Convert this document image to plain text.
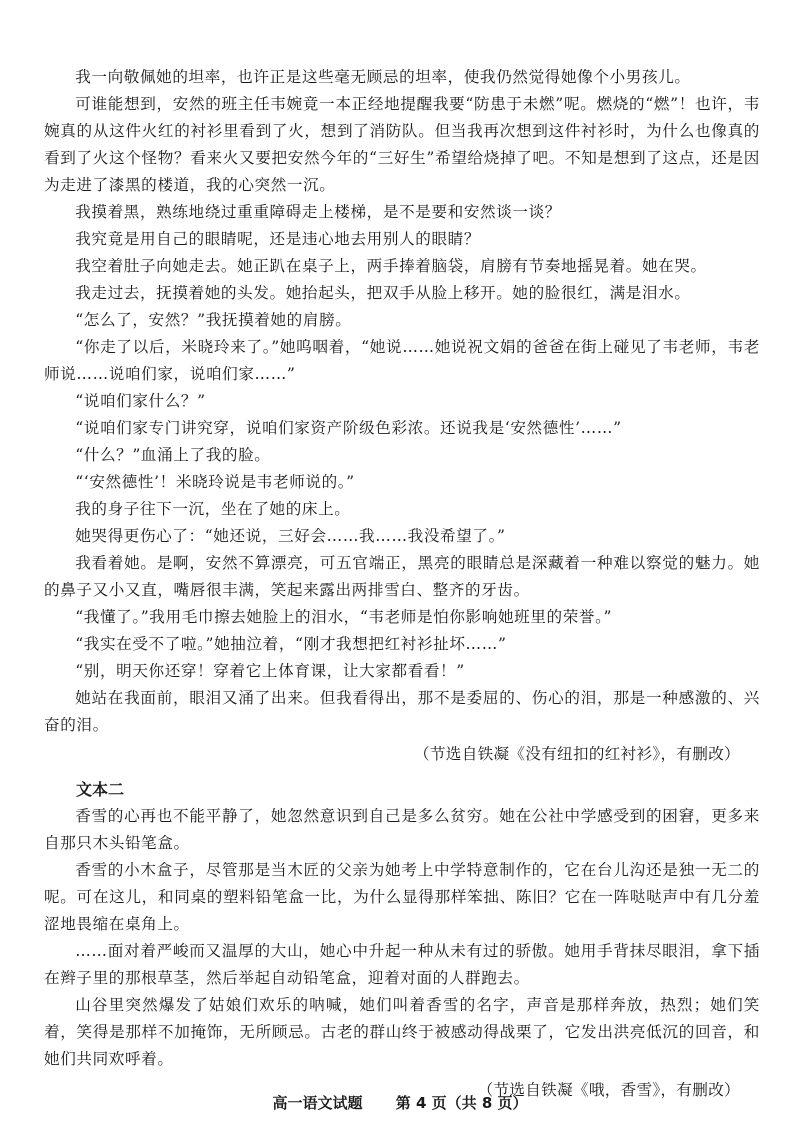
我一向敬佩她的坦率，也许正是这些毫无顾忌的坦率，使我仍然觉得她像个小男孩儿。

可谁能想到，安然的班主任韦婉竟一本正经地提醒我要“防患于未燃”呢。燃烧的“燃”！也许，韦婉真的从这件火红的衬衫里看到了火，想到了消防队。但当我再次想到这件衬衫时，为什么也像真的看到了火这个怪物？看来火又要把安然今年的“三好生”希望给烧掉了吧。不知是想到了这点，还是因为走进了漆黑的楼道，我的心突然一沉。

我摸着黑，熟练地绕过重重障碍走上楼梯，是不是要和安然谈一谈？

我究竟是用自己的眼睛呢，还是违心地去用别人的眼睛？

我空着肚子向她走去。她正趴在桌子上，两手捧着脑袋，肩膀有节奏地摇晃着。她在哭。

我走过去，抚摸着她的头发。她抬起头，把双手从脸上移开。她的脸很红，满是泪水。

“怎么了，安然？”我抚摸着她的肩膀。

“你走了以后，米晓玲来了。”她呜咽着，“她说……她说祝文娟的爸爸在街上碰见了韦老师，韦老师说……说咱们家，说咱们家……”

“说咱们家什么？”

“说咱们家专门讲究穿，说咱们家资产阶级色彩浓。还说我是‘安然德性’……”

“什么？”血涌上了我的脸。

“‘安然德性’！米晓玲说是韦老师说的。”

我的身子往下一沉，坐在了她的床上。

她哭得更伤心了：“她还说，三好会……我……我没希望了。”

我看着她。是啊，安然不算漂亮，可五官端正，黑亮的眼睛总是深藏着一种难以察觉的魅力。她的鼻子又小又直，嘴唇很丰满，笑起来露出两排雪白、整齐的牙齿。

“我懂了。”我用毛巾擦去她脸上的泪水，“韦老师是怕你影响她班里的荣誉。”

“我实在受不了啦。”她抽泣着，“刚才我想把红衬衫扯坏……”

“别，明天你还穿！穿着它上体育课，让大家都看看！”

她站在我面前，眼泪又涌了出来。但我看得出，那不是委屈的、伤心的泪，那是一种感激的、兴奋的泪。

（节选自铁凝《没有纽扣的红衬衫》，有删改）

文本二

香雪的心再也不能平静了，她忽然意识到自己是多么贫穷。她在公社中学感受到的困窘，更多来自那只木头铅笔盒。

香雪的小木盒子，尽管那是当木匠的父亲为她考上中学特意制作的，它在台儿沟还是独一无二的呢。可在这儿，和同桌的塑料铅笔盒一比，为什么显得那样笨拙、陈旧？它在一阵哒哒声中有几分羞涩地畏缩在桌角上。

……面对着严峻而又温厚的大山，她心中升起一种从未有过的骄傲。她用手背抹尽眼泪，拿下插在辫子里的那根草茎，然后举起自动铅笔盒，迎着对面的人群跑去。

山谷里突然爆发了姑娘们欢乐的呐喊，她们叫着香雪的名字，声音是那样奔放，热烈；她们笑着，笑得是那样不加掩饰，无所顾忌。古老的群山终于被感动得战栗了，它发出洪亮低沉的回音，和她们共同欢呼着。

（节选自铁凝《哦，香雪》，有删改）

高一语文试题 第 4 页（共 8 页）
